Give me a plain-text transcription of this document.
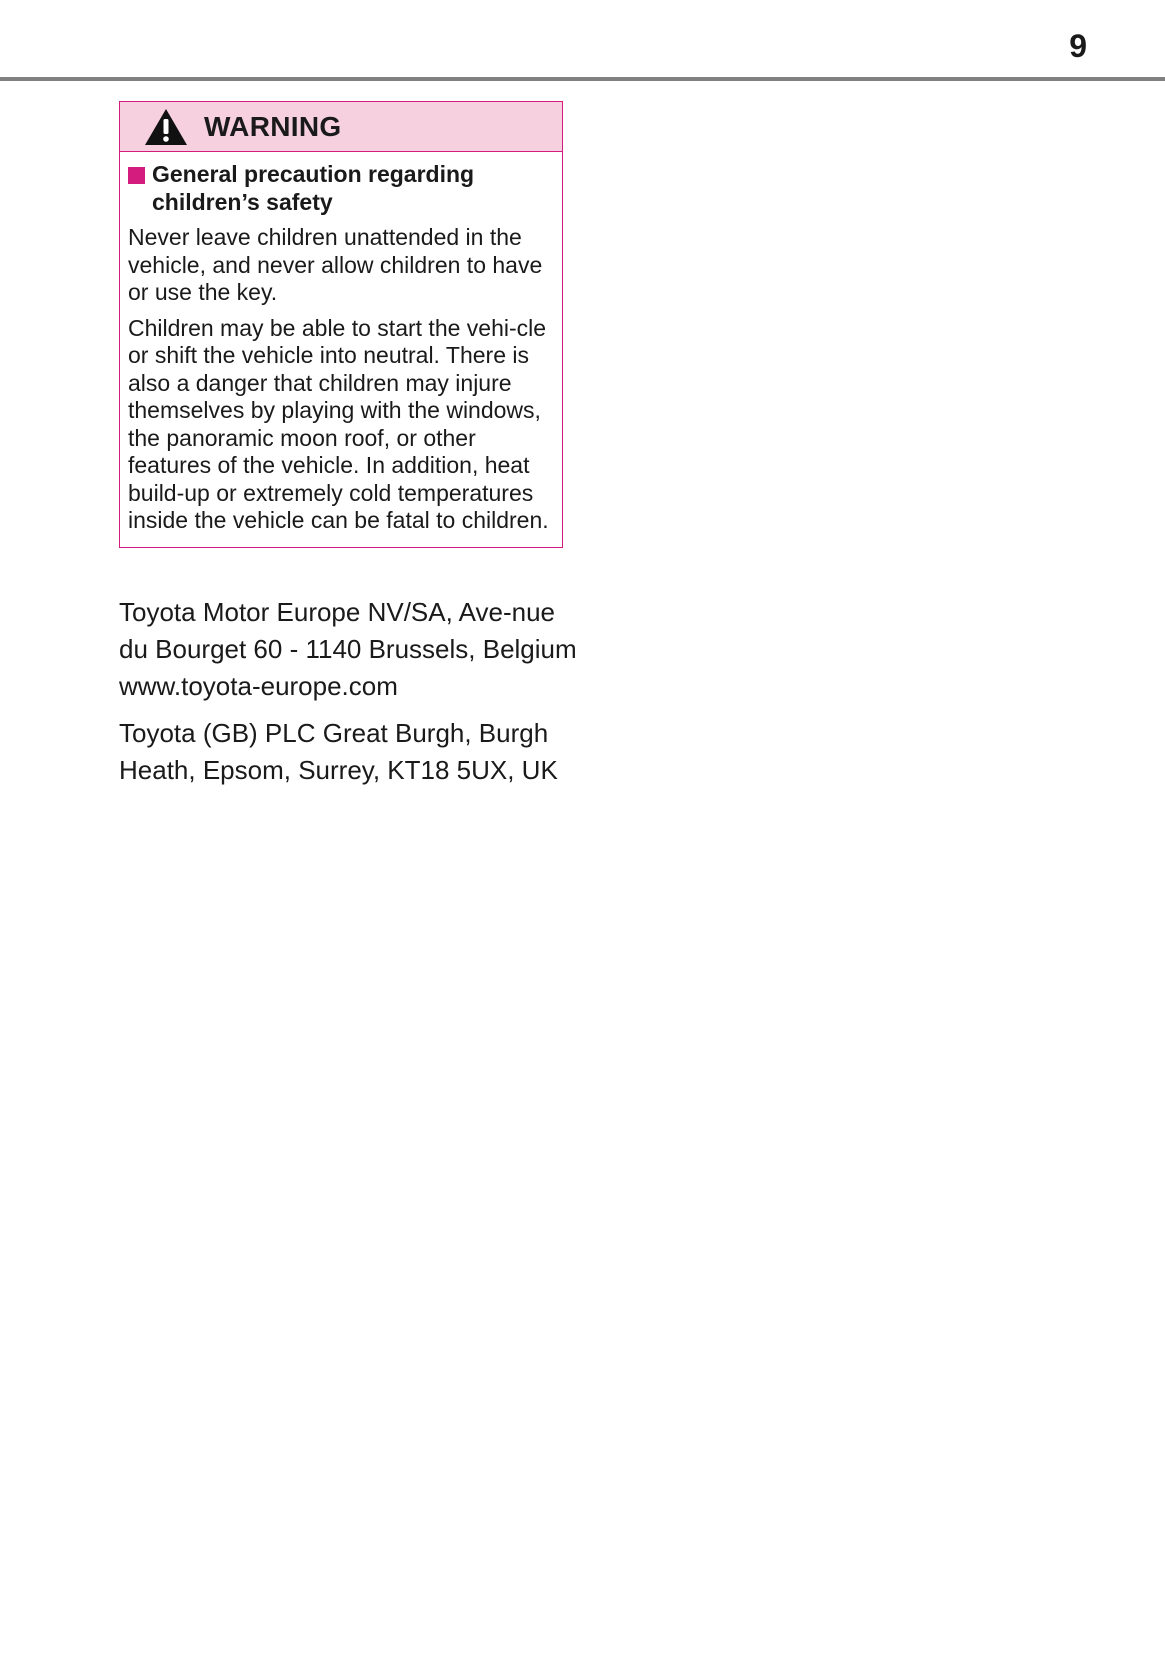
9
WARNING
General precaution regarding children’s safety

Never leave children unattended in the vehicle, and never allow children to have or use the key.

Children may be able to start the vehi-cle or shift the vehicle into neutral. There is also a danger that children may injure themselves by playing with the windows, the panoramic moon roof, or other features of the vehicle. In addition, heat build-up or extremely cold temperatures inside the vehicle can be fatal to children.

Toyota Motor Europe NV/SA, Ave-nue du Bourget 60 - 1140 Brussels, Belgium www.toyota-europe.com

Toyota (GB) PLC Great Burgh, Burgh Heath, Epsom, Surrey, KT18 5UX, UK
